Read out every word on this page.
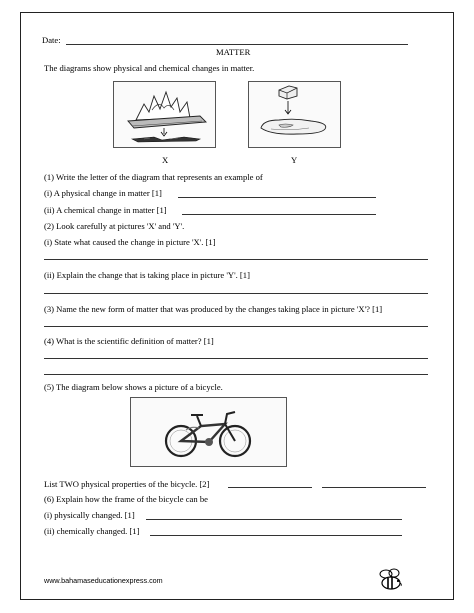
Date:
MATTER
The diagrams show physical and chemical changes in matter.
X	Y
(1) Write the letter of the diagram that represents an example of
(i) A physical change in matter [1]
(ii) A chemical change in matter [1]
(2) Look carefully at pictures 'X' and 'Y'.
(i) State what caused the change in picture 'X'. [1]
(ii) Explain the change that is taking place in picture 'Y'. [1]
(3) Name the new form of matter that was produced by the changes taking place in picture 'X'? [1]
(4) What is the scientific definition of matter? [1]
(5) The diagram below shows a picture of a bicycle.
List TWO physical properties of the bicycle. [2]
(6) Explain how the frame of the bicycle can be
(i) physically changed. [1]
(ii) chemically changed. [1]
www.bahamaseducationexpress.com
